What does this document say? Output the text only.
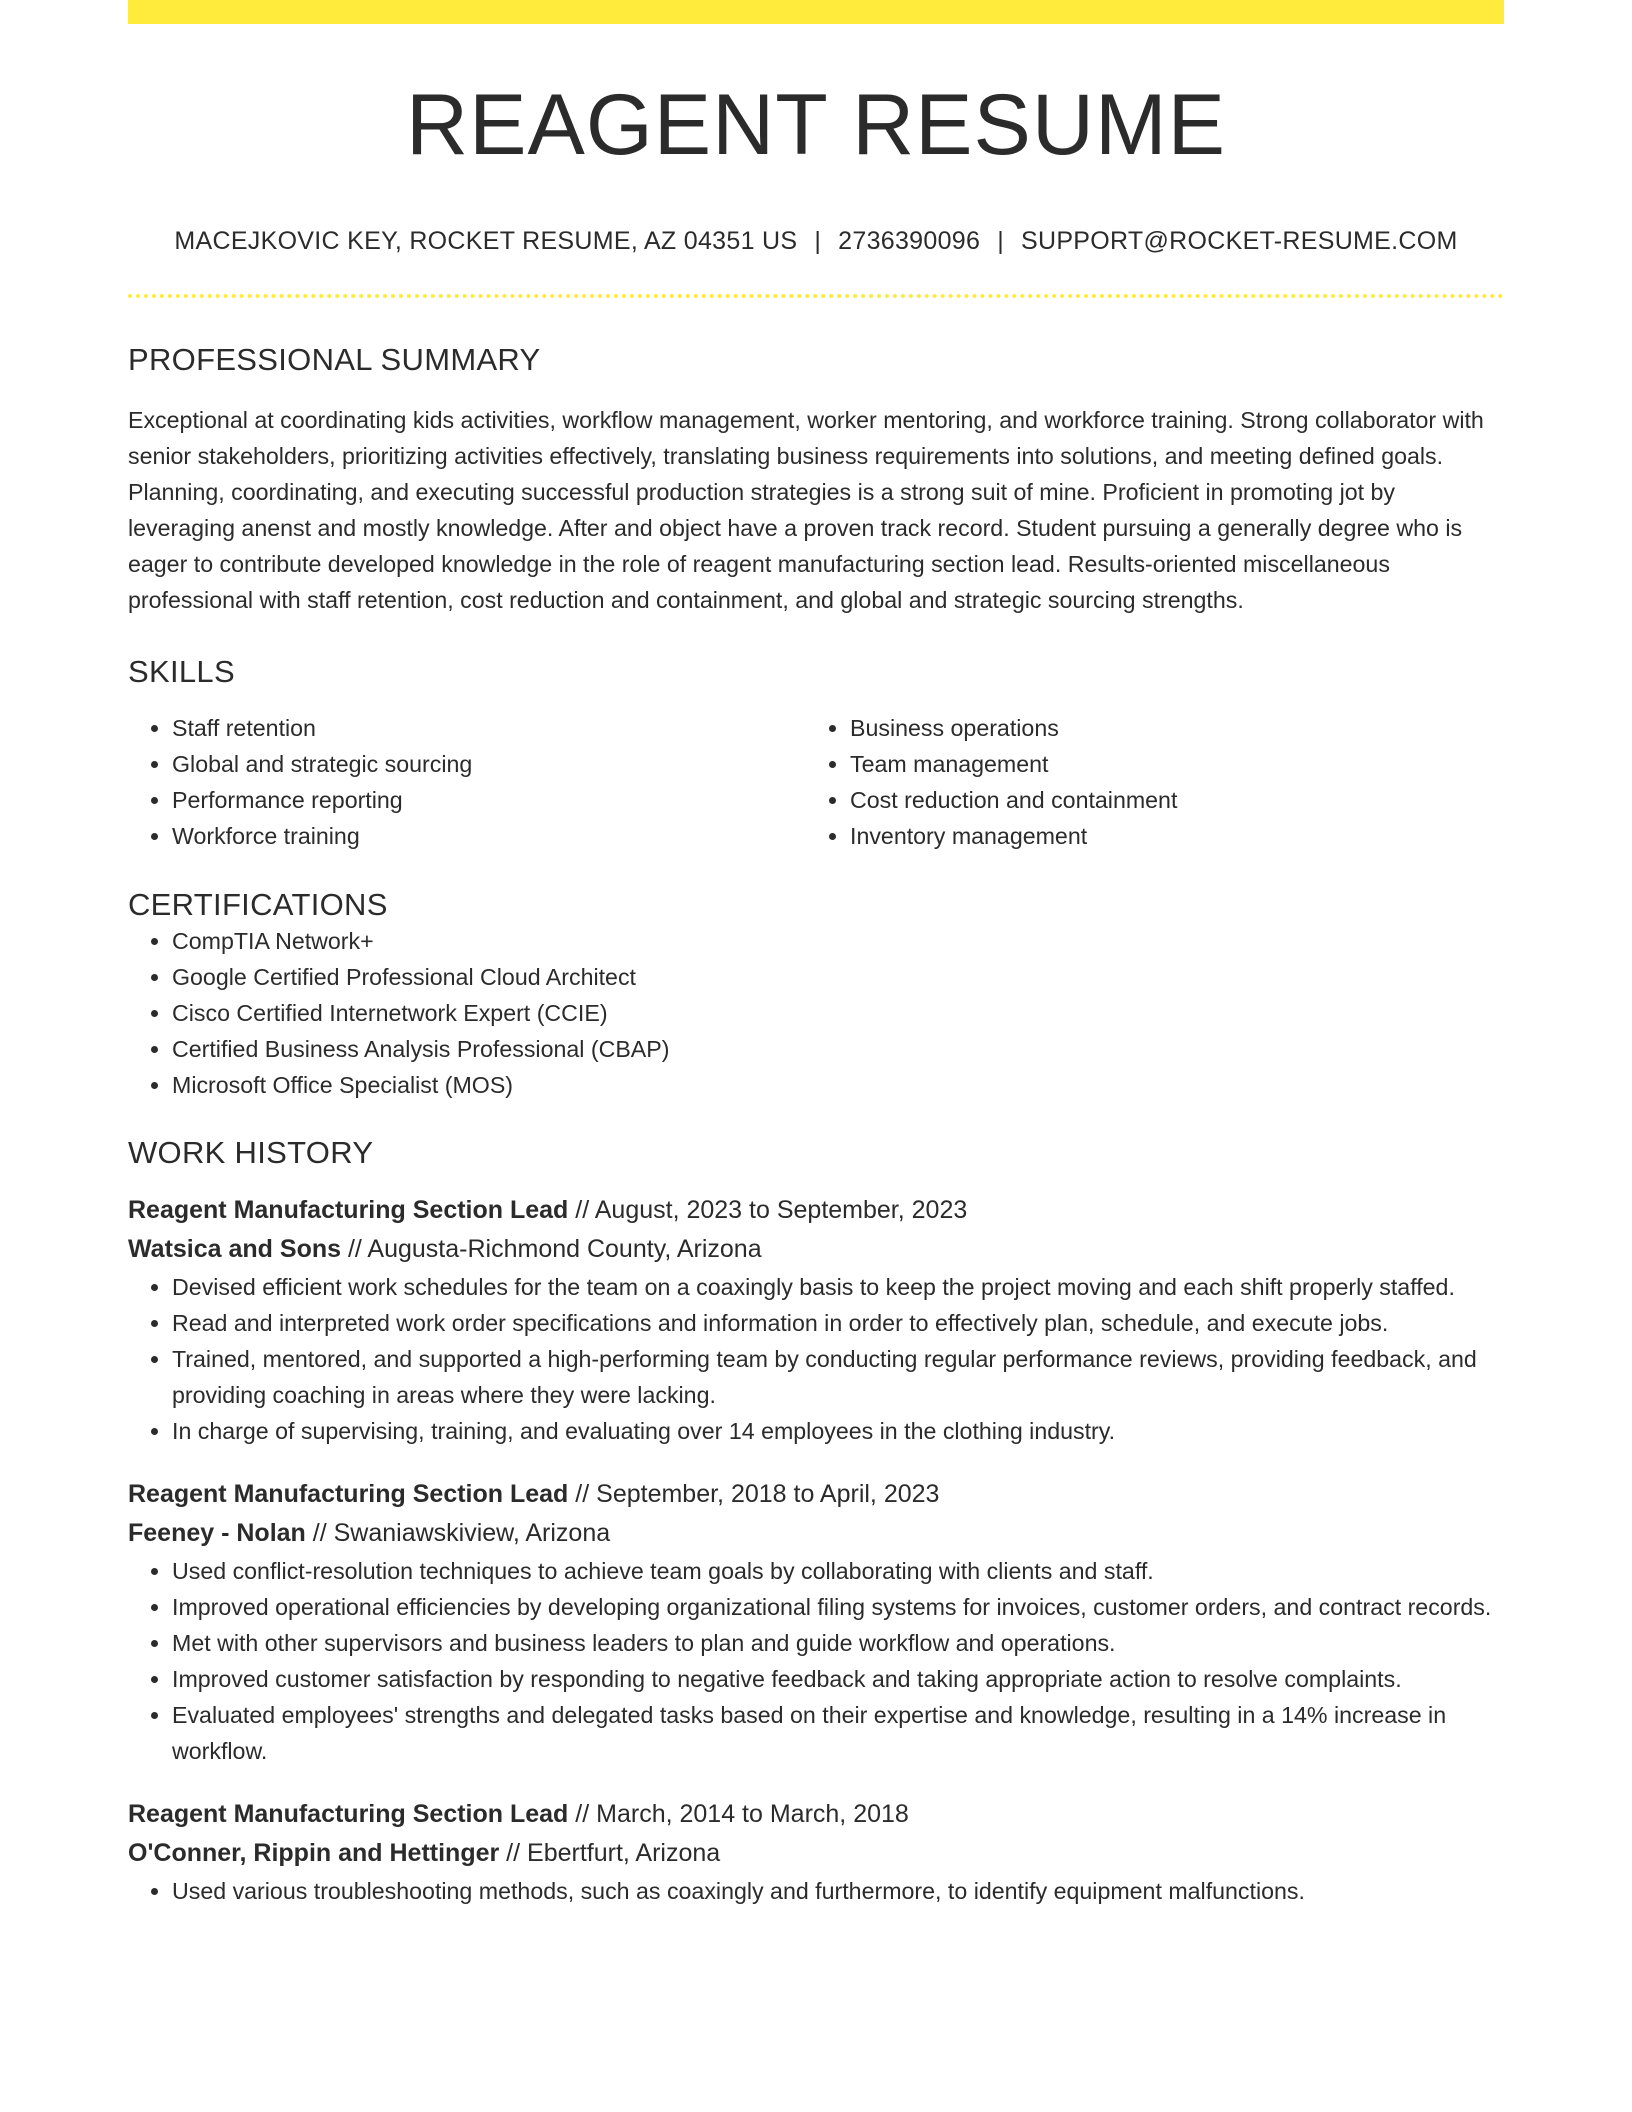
REAGENT RESUME
MACEJKOVIC KEY, ROCKET RESUME, AZ 04351 US | 2736390096 | SUPPORT@ROCKET-RESUME.COM
PROFESSIONAL SUMMARY

Exceptional at coordinating kids activities, workflow management, worker mentoring, and workforce training. Strong collaborator with senior stakeholders, prioritizing activities effectively, translating business requirements into solutions, and meeting defined goals. Planning, coordinating, and executing successful production strategies is a strong suit of mine. Proficient in promoting jot by leveraging anenst and mostly knowledge. After and object have a proven track record. Student pursuing a generally degree who is eager to contribute developed knowledge in the role of reagent manufacturing section lead. Results-oriented miscellaneous professional with staff retention, cost reduction and containment, and global and strategic sourcing strengths.

SKILLS
• Staff retention
• Global and strategic sourcing
• Performance reporting
• Workforce training
• Business operations
• Team management
• Cost reduction and containment
• Inventory management
CERTIFICATIONS
• CompTIA Network+
• Google Certified Professional Cloud Architect
• Cisco Certified Internetwork Expert (CCIE)
• Certified Business Analysis Professional (CBAP)
• Microsoft Office Specialist (MOS)
WORK HISTORY
Reagent Manufacturing Section Lead // August, 2023 to September, 2023
Watsica and Sons // Augusta-Richmond County, Arizona
• Devised efficient work schedules for the team on a coaxingly basis to keep the project moving and each shift properly staffed.
• Read and interpreted work order specifications and information in order to effectively plan, schedule, and execute jobs.
• Trained, mentored, and supported a high-performing team by conducting regular performance reviews, providing feedback, and providing coaching in areas where they were lacking.
• In charge of supervising, training, and evaluating over 14 employees in the clothing industry.
Reagent Manufacturing Section Lead // September, 2018 to April, 2023
Feeney - Nolan // Swaniawskiview, Arizona
• Used conflict-resolution techniques to achieve team goals by collaborating with clients and staff.
• Improved operational efficiencies by developing organizational filing systems for invoices, customer orders, and contract records.
• Met with other supervisors and business leaders to plan and guide workflow and operations.
• Improved customer satisfaction by responding to negative feedback and taking appropriate action to resolve complaints.
• Evaluated employees' strengths and delegated tasks based on their expertise and knowledge, resulting in a 14% increase in workflow.
Reagent Manufacturing Section Lead // March, 2014 to March, 2018
O'Conner, Rippin and Hettinger // Ebertfurt, Arizona
• Used various troubleshooting methods, such as coaxingly and furthermore, to identify equipment malfunctions.
